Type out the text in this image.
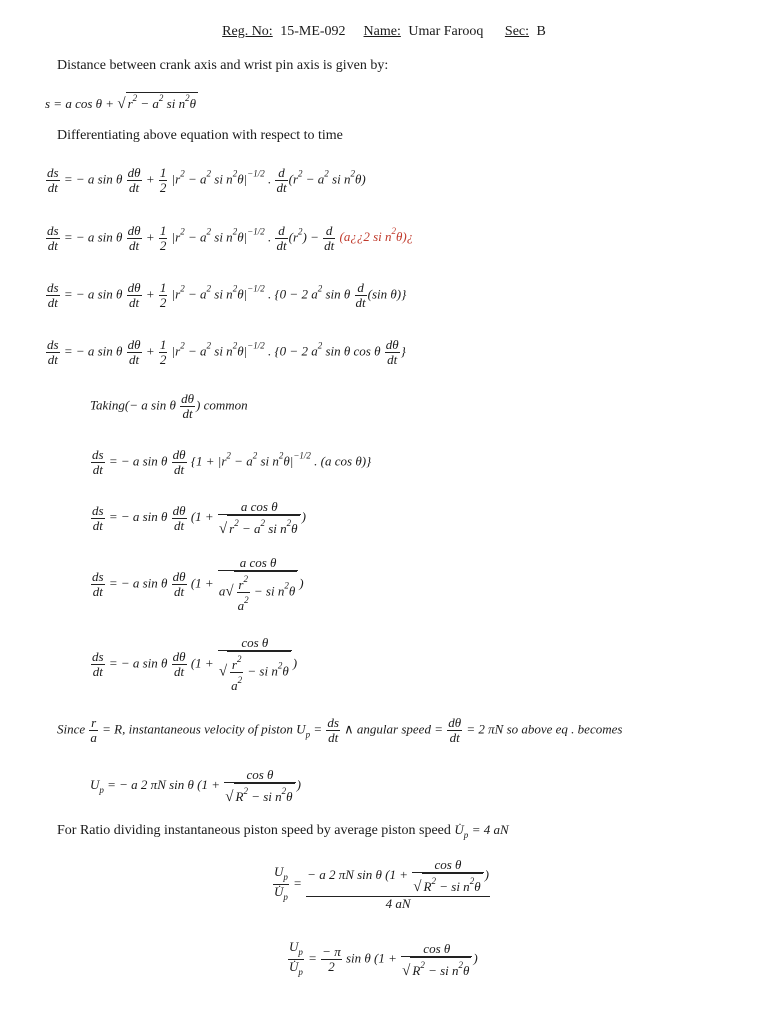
Reg. No: 15-ME-092 Name: Umar Farooq Sec: B
Distance between crank axis and wrist pin axis is given by:
s = a cos θ + √ $r^2 - a^2$ si $n^2\theta$
Differentiating above equation with respect to time
$\frac{ds}{dt}$ = − a sin θ $\frac{d\theta}{dt} + \frac{1}{2} |r^2 - a^2$ si $n^2\theta|^{-1/2}$ . $\frac{d}{dt} (r^2 - a^2$ si $n^2\theta$)
$\frac{ds}{dt}$ = − a sin θ $\frac{d\theta}{dt} + \frac{1}{2} |r^2 - a^2$ si $n^2\theta|^{-1/2}$ . $\frac{d}{dt} (r^2) - \frac{d}{dt}$ (a¿¿2 si $n^2\theta)¿$
$\frac{ds}{dt}$ = − a sin θ $\frac{d\theta}{dt} + \frac{1}{2} |r^2 - a^2$ si $n^2\theta|^{-1/2}$ . {0 − 2 $a^2$ sin θ $\frac{d}{dt} (\sin$ θ)}
$\frac{ds}{dt}$ = − a sin θ $\frac{d\theta}{dt} + \frac{1}{2} |r^2 - a^2$ si $n^2\theta|^{-1/2}$ . {0 − 2 $a^2$ sin θ cos θ $\frac{d\theta}{dt}$ }
Taking(− a sin θ $\frac{d\theta}{dt}$ ) common
$\frac{ds}{dt}$ = − a sin θ $\frac{d\theta}{dt} \{1 + |r^2 - a^2$ si $n^2\theta|^{-1/2}$ . (a cos θ)}
$\frac{ds}{dt}$ = − a sin θ $\frac{d\theta}{dt} (1 + \frac{\text{a cos θ}}{√ r^2 - a^2 si n^2\theta}$ )
$\frac{ds}{dt}$ = − a sin θ $\frac{d\theta}{dt} (1 + \frac{\text{a cos θ}}{a√ \frac{r^2}{a^2} - si n^2\theta}$ )
$\frac{ds}{dt}$ = − a sin θ $\frac{d\theta}{dt} (1 + \frac{\text{cos θ}}{√ \frac{r^2}{a^2} - si n^2\theta}$ )
Since $\frac{r}{a} = R$, instantaneous velocity of piston $U_p = \frac{ds}{dt}$ ∧ angular speed = $\frac{d\theta}{dt} = 2$ πN so above eq . becomes
$U_p$ = − a 2 πN sin θ ($1 + \frac{\text{cos θ}}{√ R^2 - si n^2\theta}$ )
For Ratio dividing instantaneous piston speed by average piston speed $U̇_p = 4$ aN
$\frac{U_p}{U̇_p} = \frac{- a 2 \pi N \sin \theta (1 + \frac{\text{cos θ}}{√ R^2 - si n^2\theta} )}{4 aN}$
$\frac{U_p}{U̇_p} = \frac{- \pi}{2}$ sin θ ($1 + \frac{\text{cos θ}}{√ R^2 - si n^2\theta}$ )
